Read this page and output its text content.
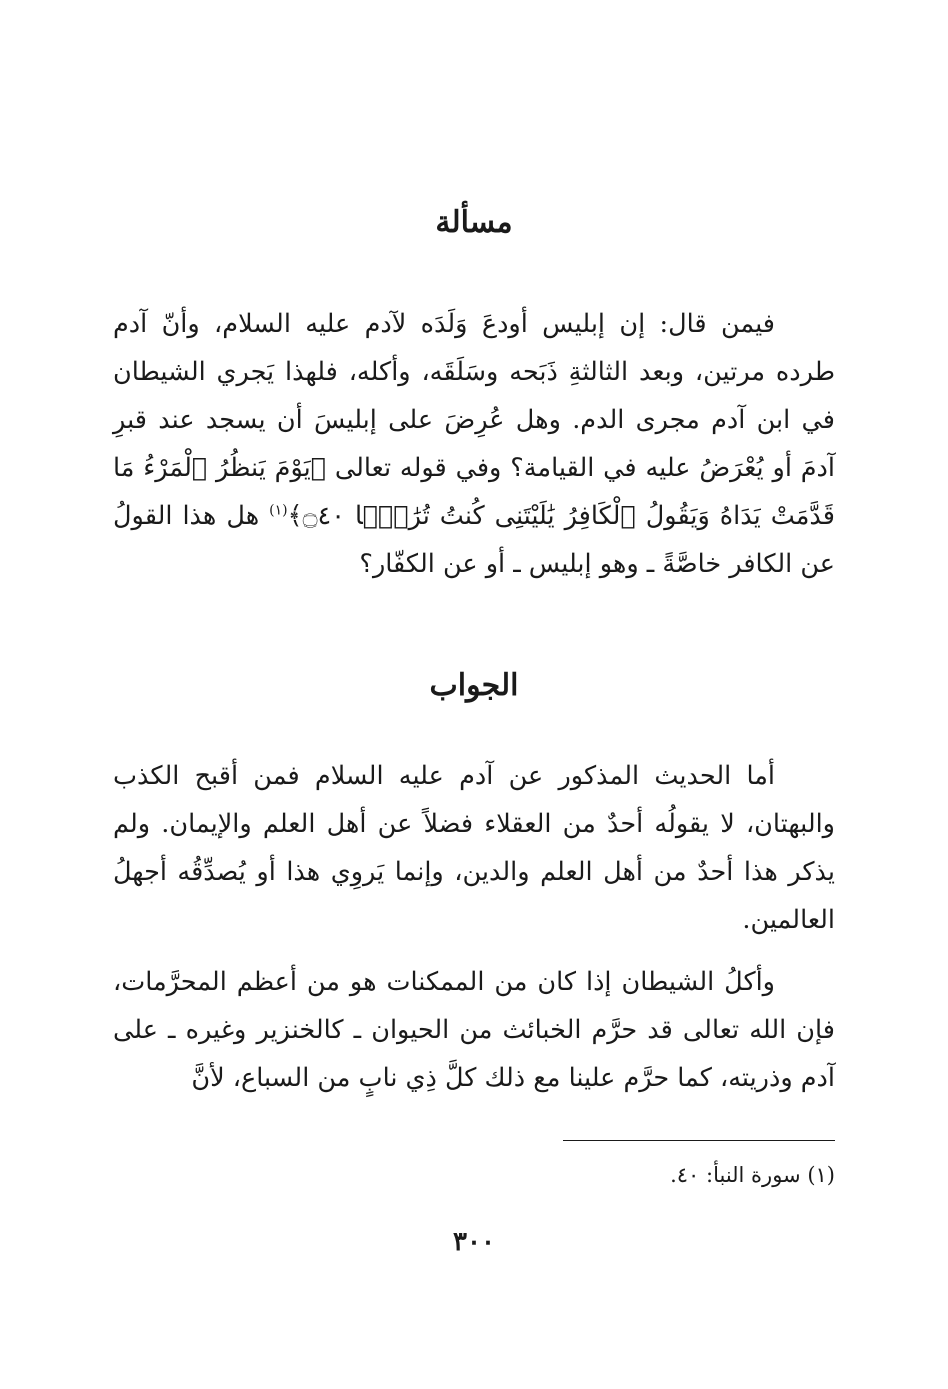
مسألة
فيمن قال: إن إبليس أودعَ وَلَدَه لآدم عليه السلام، وأنّ آدم طرده مرتين، وبعد الثالثةِ ذَبَحه وسَلَقَه، وأكله، فلهذا يَجري الشيطان في ابن آدم مجرى الدم. وهل عُرِضَ على إبليسَ أن يسجد عند قبرِ آدمَ أو يُعْرَضُ عليه في القيامة؟ وفي قوله تعالى ﴿يَوْمَ يَنظُرُ ٱلْمَرْءُ مَا قَدَّمَتْ يَدَاهُ وَيَقُولُ ٱلْكَافِرُ يَٰلَيْتَنِى كُنتُ تُرَٰبًۢا ۝٤٠﴾$^{(١)}$ هل هذا القولُ عن الكافر خاصَّةً ـ وهو إبليس ـ أو عن الكفّار؟
الجواب
أما الحديث المذكور عن آدم عليه السلام فمن أقبح الكذب والبهتان، لا يقولُه أحدٌ من العقلاء فضلاً عن أهل العلم والإيمان. ولم يذكر هذا أحدٌ من أهل العلم والدين، وإنما يَروِي هذا أو يُصدِّقُه أجهلُ العالمين.
وأكلُ الشيطان إذا كان من الممكنات هو من أعظم المحرَّمات، فإن الله تعالى قد حرَّم الخبائث من الحيوان ـ كالخنزير وغيره ـ على آدم وذريته، كما حرَّم علينا مع ذلك كلَّ ذِي نابٍ من السباع، لأنَّ
(١) سورة النبأ: ٤٠.
٣٠٠
